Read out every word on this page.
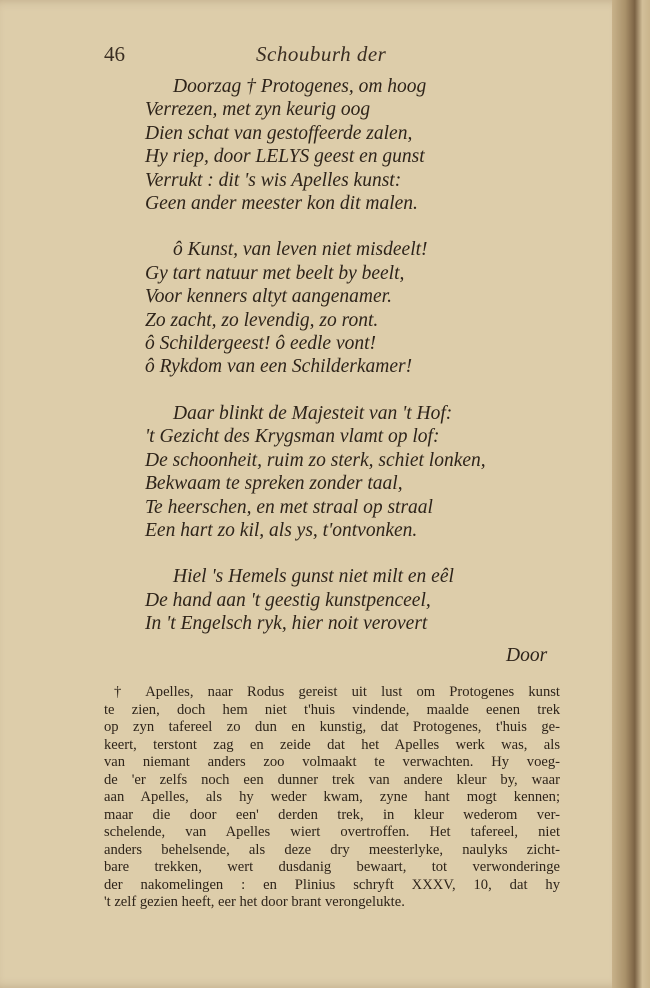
46	Schouburh der
Doorzag † Protogenes, om hoog
Verrezen, met zyn keurig oog
Dien schat van gestoffeerde zalen,
Hy riep, door LELYS geest en gunst
Verrukt : dit 's wis Apelles kunst:
Geen ander meester kon dit malen.
ô Kunst, van leven niet misdeelt!
Gy tart natuur met beelt by beelt,
Voor kenners altyt aangenamer.
Zo zacht, zo levendig, zo ront.
ô Schildergeest! ô eedle vont!
ô Rykdom van een Schilderkamer!
Daar blinkt de Majesteit van 't Hof:
't Gezicht des Krygsman vlamt op lof:
De schoonheit, ruim zo sterk, schiet lonken,
Bekwaam te spreken zonder taal,
Te heerschen, en met straal op straal
Een hart zo kil, als ys, t'ontvonken.
Hiel 's Hemels gunst niet milt en eêl
De hand aan 't geestig kunstpenceel,
In 't Engelsch ryk, hier noit verovert
Door
† Apelles, naar Rodus gereist uit lust om Protogenes kunst
te zien, doch hem niet t'huis vindende, maalde eenen trek
op zyn tafereel zo dun en kunstig, dat Protogenes, t'huis ge-
keert, terstont zag en zeide dat het Apelles werk was, als
van niemant anders zoo volmaakt te verwachten. Hy voeg-
de 'er zelfs noch een dunner trek van andere kleur by, waar
aan Apelles, als hy weder kwam, zyne hant mogt kennen;
maar die door een' derden trek, in kleur wederom ver-
schelende, van Apelles wiert overtroffen. Het tafereel, niet
anders behelsende, als deze dry meesterlyke, naulyks zicht-
bare trekken, wert dusdanig bewaart, tot verwonderinge
der nakomelingen : en Plinius schryft XXXV, 10, dat hy
't zelf gezien heeft, eer het door brant verongelukte.
